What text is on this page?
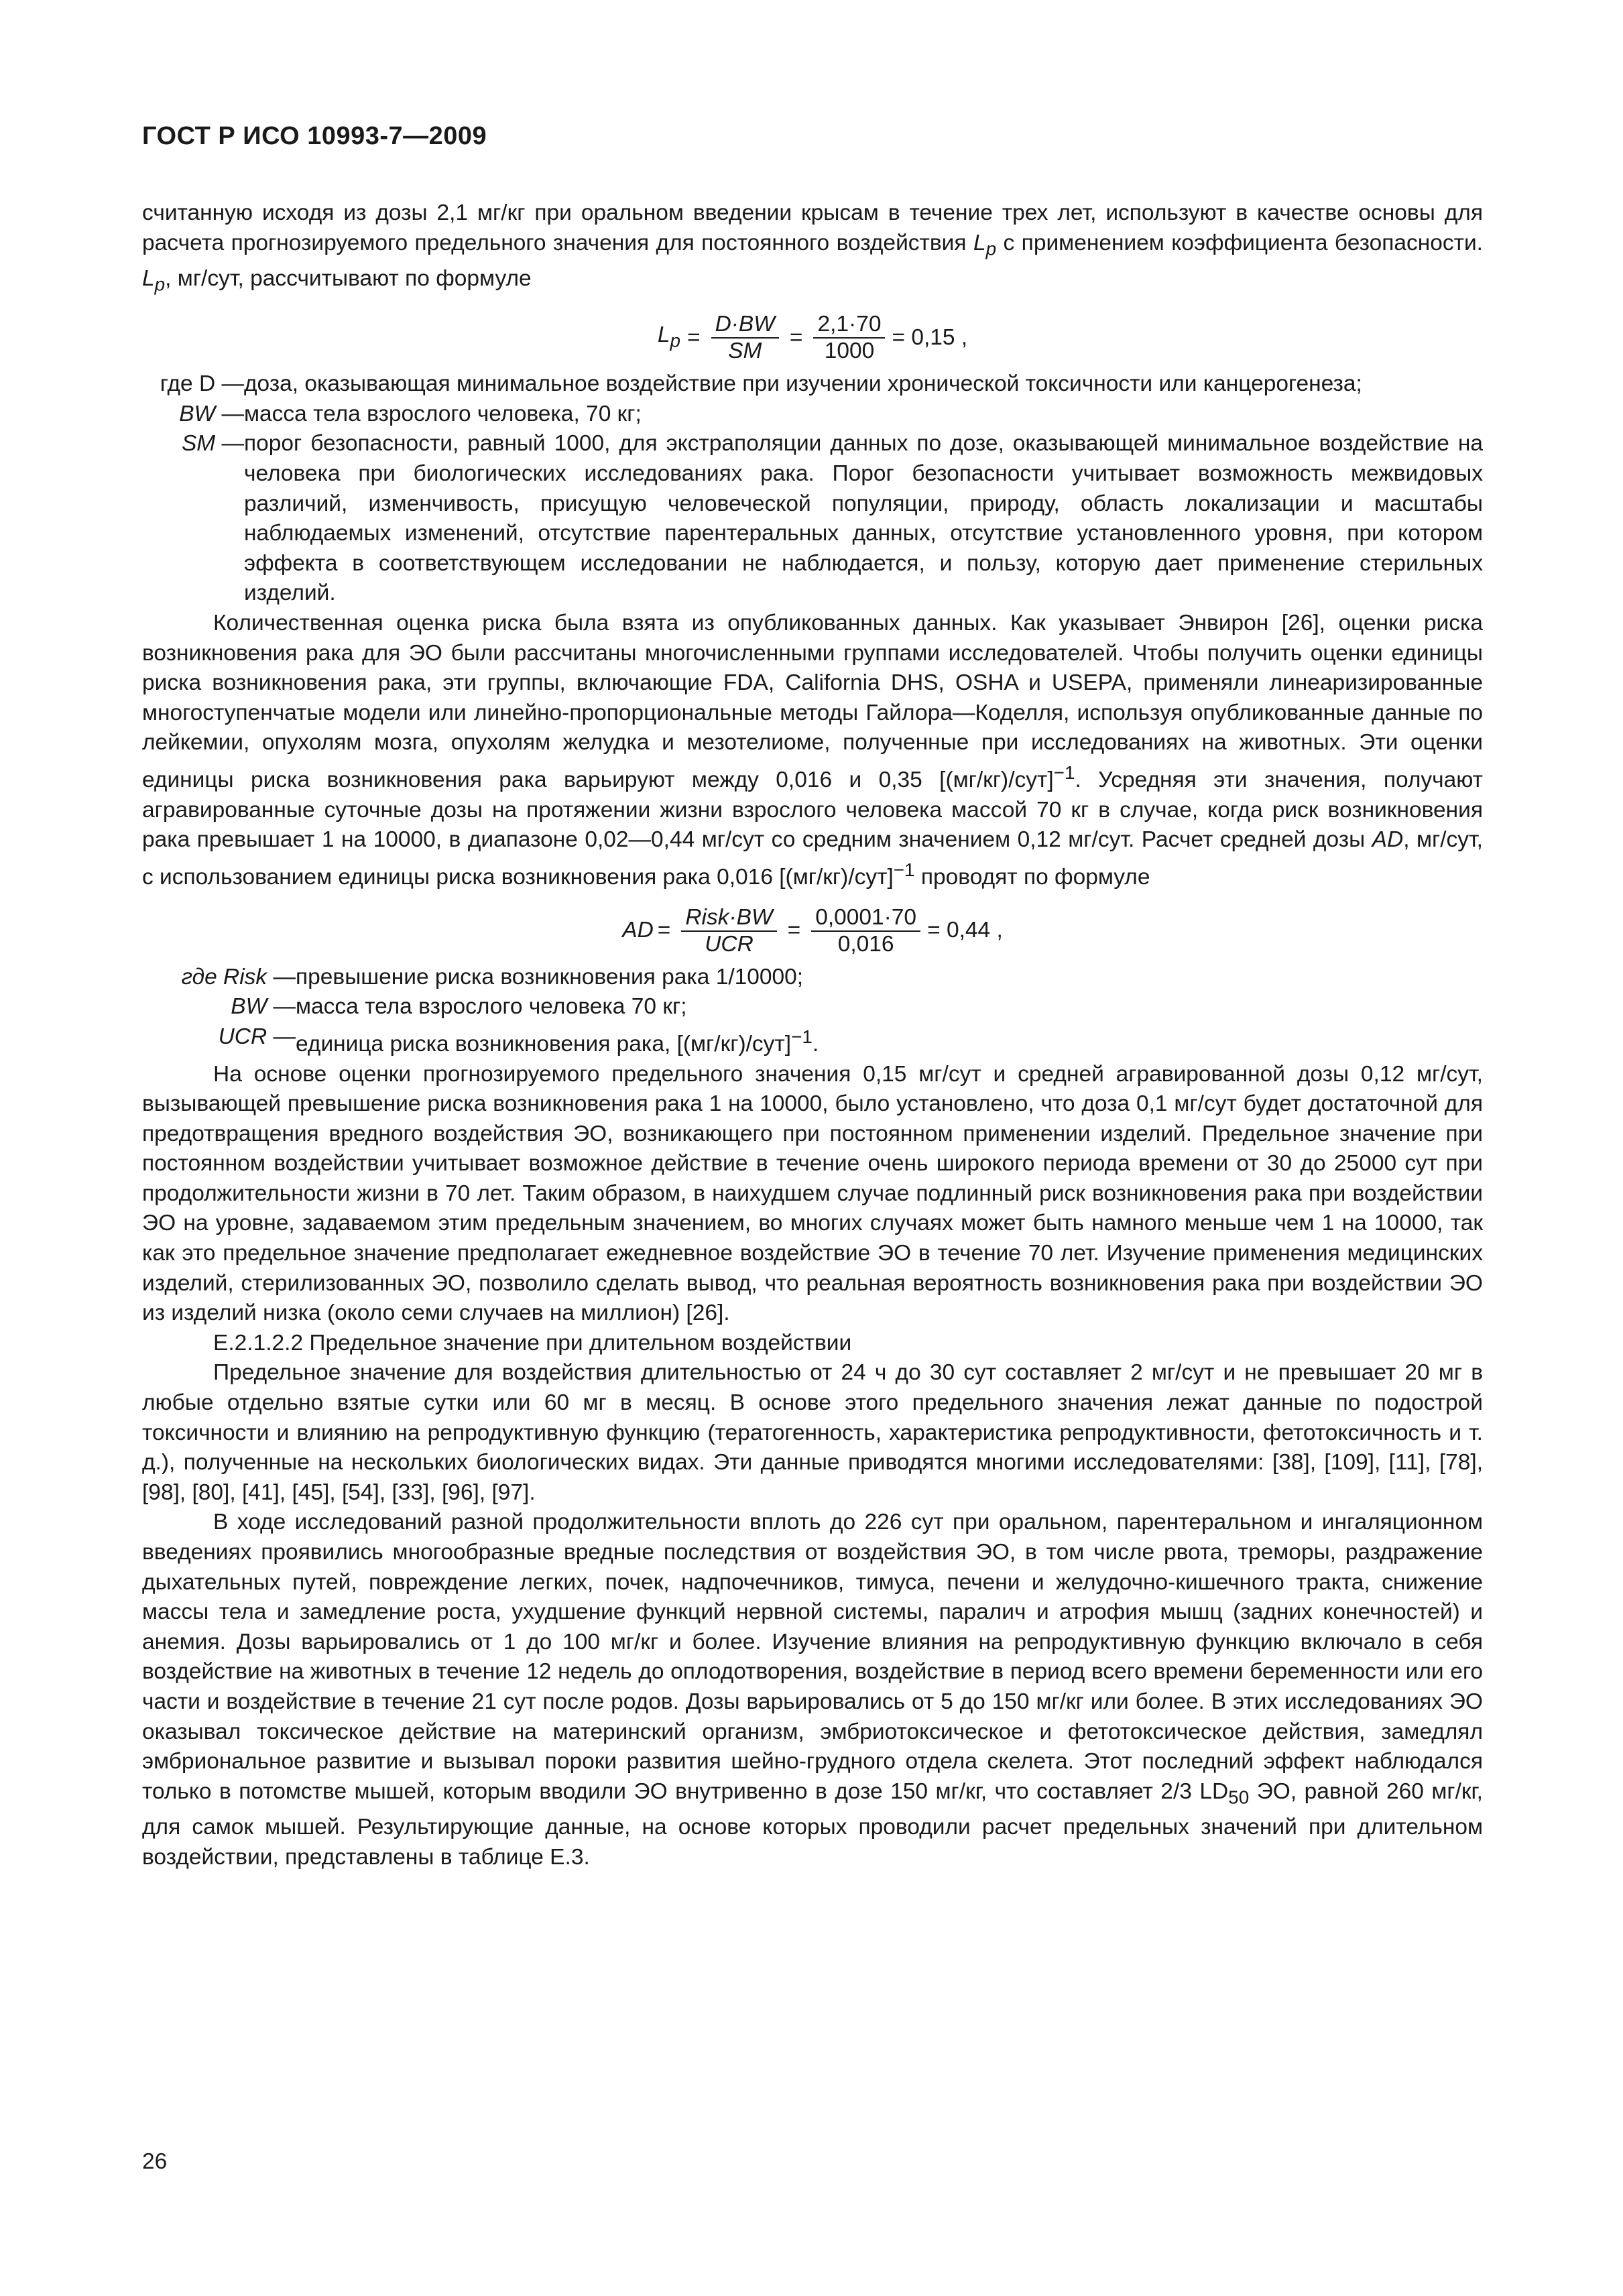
ГОСТ Р ИСО 10993-7—2009

считанную исходя из дозы 2,1 мг/кг при оральном введении крысам в течение трех лет, используют в качестве основы для расчета прогнозируемого предельного значения для постоянного воздействия $L_p$ с применением коэффициента безопасности. $L_p$, мг/сут, рассчитывают по формуле

$L_p = \frac{D\cdot BW}{SM} = \frac{2,1\cdot 70}{1000} = 0,15$ ,
где D — доза, оказывающая минимальное воздействие при изучении хронической токсичности или канцерогенеза;
BW — масса тела взрослого человека, 70 кг;
SM — порог безопасности, равный 1000, для экстраполяции данных по дозе, оказывающей минимальное воздействие на человека при биологических исследованиях рака. Порог безопасности учитывает возможность межвидовых различий, изменчивость, присущую человеческой популяции, природу, область локализации и масштабы наблюдаемых изменений, отсутствие парентеральных данных, отсутствие установленного уровня, при котором эффекта в соответствующем исследовании не наблюдается, и пользу, которую дает применение стерильных изделий.

Количественная оценка риска была взята из опубликованных данных. Как указывает Энвирон [26], оценки риска возникновения рака для ЭО были рассчитаны многочисленными группами исследователей. Чтобы получить оценки единицы риска возникновения рака, эти группы, включающие FDA, California DHS, OSHA и USEPA, применяли линеаризированные многоступенчатые модели или линейно-пропорциональные методы Гайлора—Коделля, используя опубликованные данные по лейкемии, опухолям мозга, опухолям желудка и мезотелиоме, полученные при исследованиях на животных. Эти оценки единицы риска возникновения рака варьируют между 0,016 и 0,35 $[(мг/кг)/сут]^{-1}$. Усредняя эти значения, получают агравированные суточные дозы на протяжении жизни взрослого человека массой 70 кг в случае, когда риск возникновения рака превышает 1 на 10000, в диапазоне 0,02—0,44 мг/сут со средним значением 0,12 мг/сут. Расчет средней дозы AD, мг/сут, с использованием единицы риска возникновения рака 0,016 $[(мг/кг)/сут]^{-1}$ проводят по формуле

AD = $\frac{\text{Risk·BW}}{\text{UCR}} = \frac{0,0001\cdot 70}{0,016} = 0,44$ ,
где Risk — превышение риска возникновения рака 1/10000;
BW — масса тела взрослого человека 70 кг;
UCR — единица риска возникновения рака, $[(мг/кг)/сут]^{-1}$.

На основе оценки прогнозируемого предельного значения 0,15 мг/сут и средней агравированной дозы 0,12 мг/сут, вызывающей превышение риска возникновения рака 1 на 10000, было установлено, что доза 0,1 мг/сут будет достаточной для предотвращения вредного воздействия ЭО, возникающего при постоянном применении изделий. Предельное значение при постоянном воздействии учитывает возможное действие в течение очень широкого периода времени от 30 до 25000 сут при продолжительности жизни в 70 лет. Таким образом, в наихудшем случае подлинный риск возникновения рака при воздействии ЭО на уровне, задаваемом этим предельным значением, во многих случаях может быть намного меньше чем 1 на 10000, так как это предельное значение предполагает ежедневное воздействие ЭО в течение 70 лет. Изучение применения медицинских изделий, стерилизованных ЭО, позволило сделать вывод, что реальная вероятность возникновения рака при воздействии ЭО из изделий низка (около семи случаев на миллион) [26].

Е.2.1.2.2 Предельное значение при длительном воздействии

Предельное значение для воздействия длительностью от 24 ч до 30 сут составляет 2 мг/сут и не превышает 20 мг в любые отдельно взятые сутки или 60 мг в месяц. В основе этого предельного значения лежат данные по подострой токсичности и влиянию на репродуктивную функцию (тератогенность, характеристика репродуктивности, фетотоксичность и т. д.), полученные на нескольких биологических видах. Эти данные приводятся многими исследователями: [38], [109], [11], [78], [98], [80], [41], [45], [54], [33], [96], [97].

В ходе исследований разной продолжительности вплоть до 226 сут при оральном, парентеральном и ингаляционном введениях проявились многообразные вредные последствия от воздействия ЭО, в том числе рвота, треморы, раздражение дыхательных путей, повреждение легких, почек, надпочечников, тимуса, печени и желудочно-кишечного тракта, снижение массы тела и замедление роста, ухудшение функций нервной системы, паралич и атрофия мышц (задних конечностей) и анемия. Дозы варьировались от 1 до 100 мг/кг и более. Изучение влияния на репродуктивную функцию включало в себя воздействие на животных в течение 12 недель до оплодотворения, воздействие в период всего времени беременности или его части и воздействие в течение 21 сут после родов. Дозы варьировались от 5 до 150 мг/кг или более. В этих исследованиях ЭО оказывал токсическое действие на материнский организм, эмбриотоксическое и фетотоксическое действия, замедлял эмбриональное развитие и вызывал пороки развития шейно-грудного отдела скелета. Этот последний эффект наблюдался только в потомстве мышей, которым вводили ЭО внутривенно в дозе 150 мг/кг, что составляет 2/3 $LD_{50}$ ЭО, равной 260 мг/кг, для самок мышей. Результирующие данные, на основе которых проводили расчет предельных значений при длительном воздействии, представлены в таблице Е.3.

26
